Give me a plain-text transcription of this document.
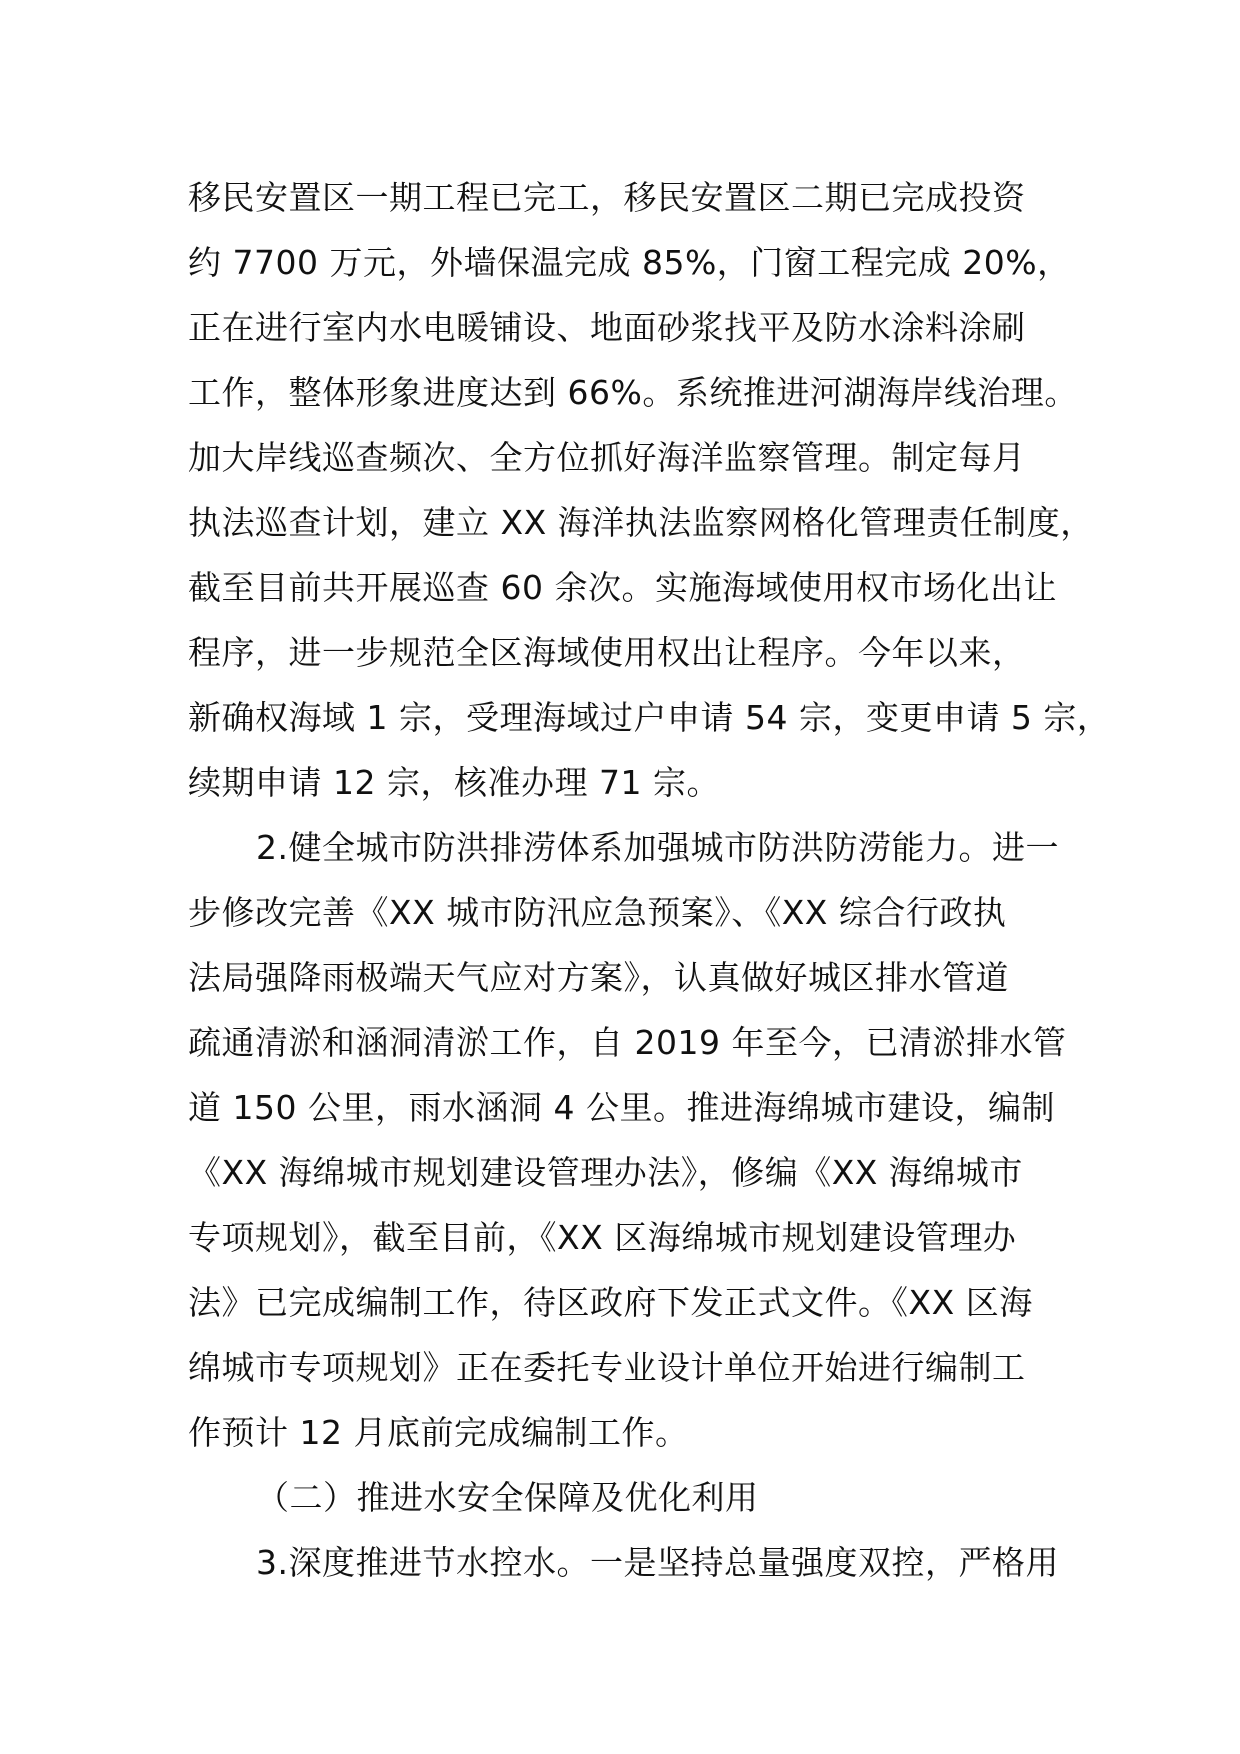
移民安置区一期工程已完工，移民安置区二期已完成投资
约 7700 万元，外墙保温完成 85%，门窗工程完成 20%，
正在进行室内水电暖铺设、地面砂浆找平及防水涂料涂刷
工作，整体形象进度达到 66%。系统推进河湖海岸线治理。
加大岸线巡查频次、全方位抓好海洋监察管理。制定每月
执法巡查计划，建立 XX 海洋执法监察网格化管理责任制度，
截至目前共开展巡查 60 余次。实施海域使用权市场化出让
程序，进一步规范全区海域使用权出让程序。今年以来，
新确权海域 1 宗，受理海域过户申请 54 宗，变更申请 5 宗，
续期申请 12 宗，核准办理 71 宗。
2.健全城市防洪排涝体系加强城市防洪防涝能力。进一
步修改完善《XX 城市防汛应急预案》、《XX 综合行政执
法局强降雨极端天气应对方案》，认真做好城区排水管道
疏通清淤和涵洞清淤工作，自 2019 年至今，已清淤排水管
道 150 公里，雨水涵洞 4 公里。推进海绵城市建设，编制
《XX 海绵城市规划建设管理办法》，修编《XX 海绵城市
专项规划》，截至目前，《XX 区海绵城市规划建设管理办
法》已完成编制工作，待区政府下发正式文件。《XX 区海
绵城市专项规划》正在委托专业设计单位开始进行编制工
作预计 12 月底前完成编制工作。
（二）推进水安全保障及优化利用
3.深度推进节水控水。一是坚持总量强度双控，严格用
